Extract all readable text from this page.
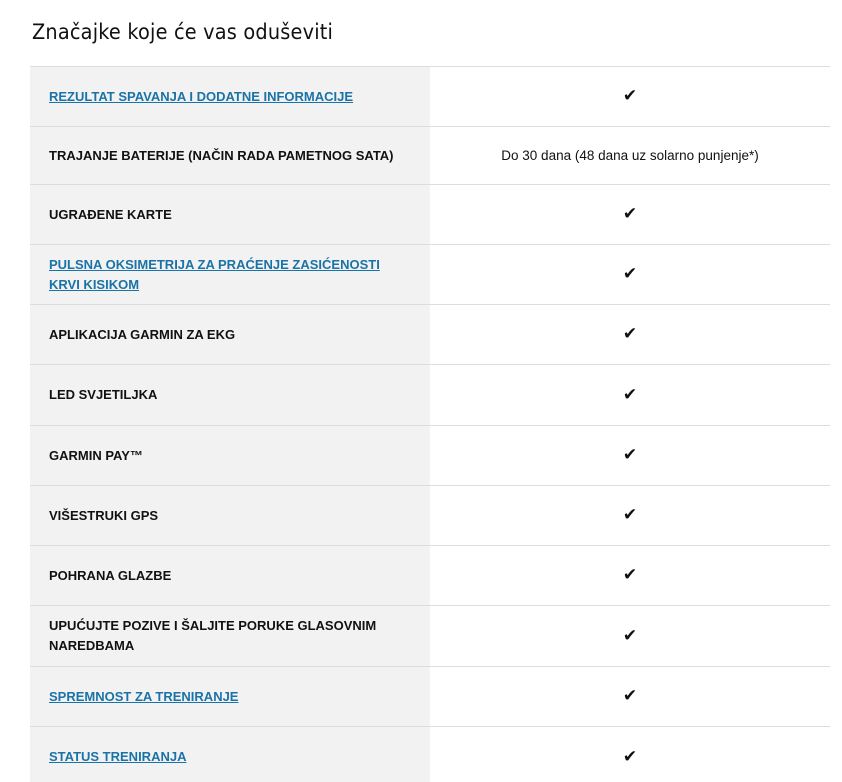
Značajke koje će vas oduševiti
REZULTAT SPAVANJA I DODATNE INFORMACIJE	✔
TRAJANJE BATERIJE (NAČIN RADA PAMETNOG SATA)	Do 30 dana (48 dana uz solarno punjenje*)
UGRAĐENE KARTE	✔
PULSNA OKSIMETRIJA ZA PRAĆENJE ZASIĆENOSTI KRVI KISIKOM	✔
APLIKACIJA GARMIN ZA EKG	✔
LED SVJETILJKA	✔
GARMIN PAY™	✔
VIŠESTRUKI GPS	✔
POHRANA GLAZBE	✔
UPUĆUJTE POZIVE I ŠALJITE PORUKE GLASOVNIM NAREDBAMA	✔
SPREMNOST ZA TRENIRANJE	✔
STATUS TRENIRANJA	✔
